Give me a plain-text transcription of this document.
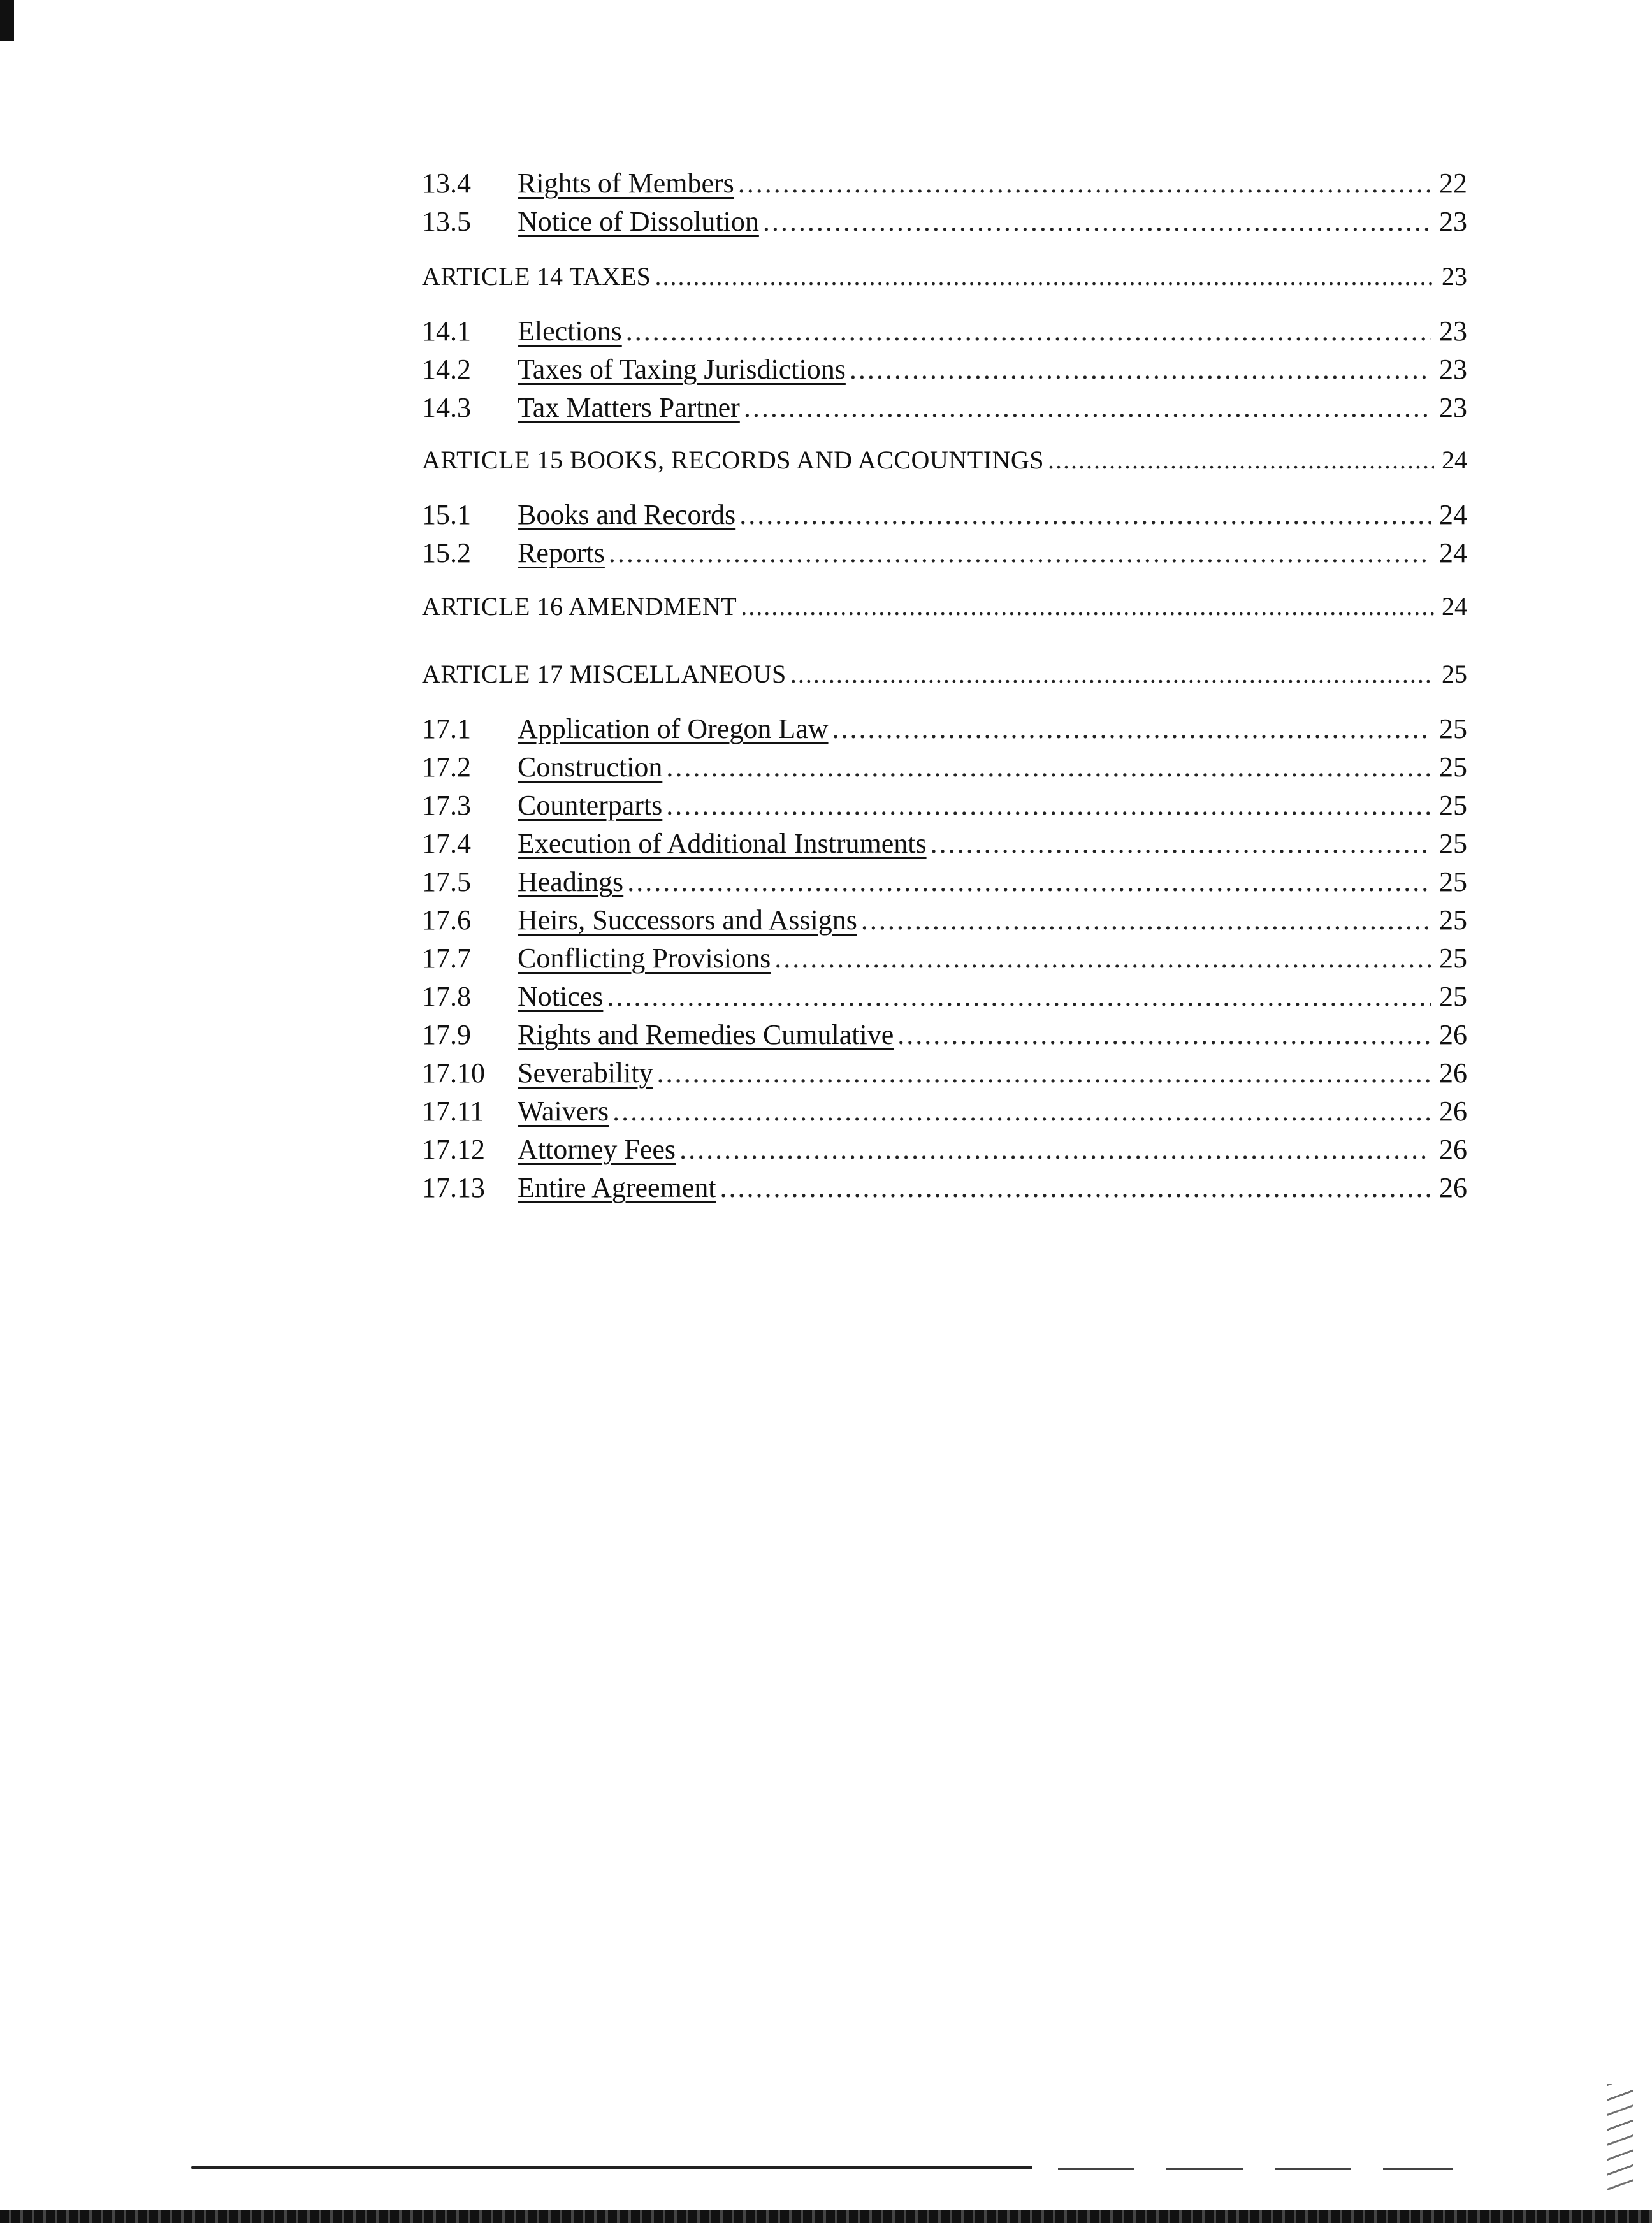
13.4	Rights of Members . . .	22
13.5	Notice of Dissolution . . .	23
ARTICLE 14 TAXES . . .	23
14.1	Elections . . .	23
14.2	Taxes of Taxing Jurisdictions . . .	23
14.3	Tax Matters Partner . . .	23
ARTICLE 15 BOOKS, RECORDS AND ACCOUNTINGS . . .	24
15.1	Books and Records . . .	24
15.2	Reports . . .	24
ARTICLE 16 AMENDMENT . . .	24
ARTICLE 17 MISCELLANEOUS . . .	25
17.1	Application of Oregon Law . . .	25
17.2	Construction . . .	25
17.3	Counterparts . . .	25
17.4	Execution of Additional Instruments . . .	25
17.5	Headings . . .	25
17.6	Heirs, Successors and Assigns . . .	25
17.7	Conflicting Provisions . . .	25
17.8	Notices . . .	25
17.9	Rights and Remedies Cumulative . . .	26
17.10	Severability . . .	26
17.11	Waivers . . .	26
17.12	Attorney Fees . . .	26
17.13	Entire Agreement . . .	26
